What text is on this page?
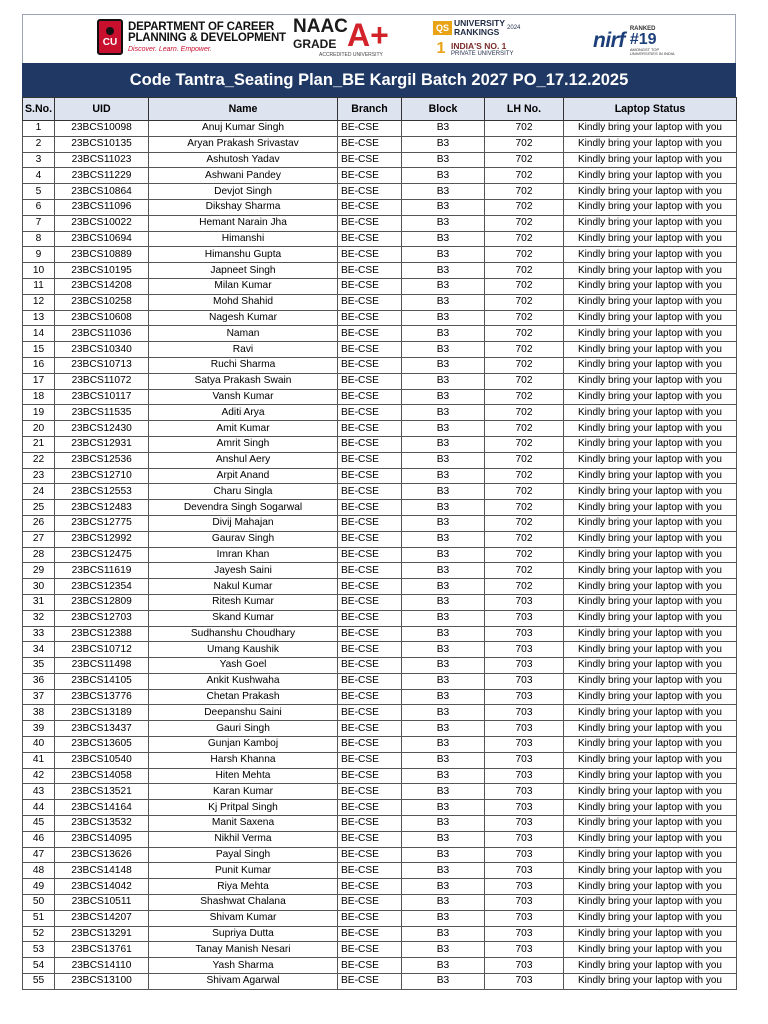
CU
DEPARTMENT OF CAREER
PLANNING & DEVELOPMENT
Discover. Learn. Empower.
NAAC
GRADE A+
ACCREDITED UNIVERSITY
QS UNIVERSITY
RANKINGS	2024
1 INDIA'S NO. 1
PRIVATE UNIVERSITY
nirf RANKED
#19
AMONGST TOP
UNIVERSITIES IN INDIA
Code Tantra_Seating Plan_BE Kargil Batch 2027 PO_17.12.2025
S.No.	UID	Name	Branch	Block	LH No.	Laptop Status
1	23BCS10098	Anuj Kumar Singh	BE-CSE	B3	702	Kindly bring your laptop with you
2	23BCS10135	Aryan Prakash Srivastav	BE-CSE	B3	702	Kindly bring your laptop with you
3	23BCS11023	Ashutosh Yadav	BE-CSE	B3	702	Kindly bring your laptop with you
4	23BCS11229	Ashwani Pandey	BE-CSE	B3	702	Kindly bring your laptop with you
5	23BCS10864	Devjot Singh	BE-CSE	B3	702	Kindly bring your laptop with you
6	23BCS11096	Dikshay Sharma	BE-CSE	B3	702	Kindly bring your laptop with you
7	23BCS10022	Hemant Narain Jha	BE-CSE	B3	702	Kindly bring your laptop with you
8	23BCS10694	Himanshi	BE-CSE	B3	702	Kindly bring your laptop with you
9	23BCS10889	Himanshu Gupta	BE-CSE	B3	702	Kindly bring your laptop with you
10	23BCS10195	Japneet Singh	BE-CSE	B3	702	Kindly bring your laptop with you
11	23BCS14208	Milan Kumar	BE-CSE	B3	702	Kindly bring your laptop with you
12	23BCS10258	Mohd Shahid	BE-CSE	B3	702	Kindly bring your laptop with you
13	23BCS10608	Nagesh Kumar	BE-CSE	B3	702	Kindly bring your laptop with you
14	23BCS11036	Naman	BE-CSE	B3	702	Kindly bring your laptop with you
15	23BCS10340	Ravi	BE-CSE	B3	702	Kindly bring your laptop with you
16	23BCS10713	Ruchi Sharma	BE-CSE	B3	702	Kindly bring your laptop with you
17	23BCS11072	Satya Prakash Swain	BE-CSE	B3	702	Kindly bring your laptop with you
18	23BCS10117	Vansh Kumar	BE-CSE	B3	702	Kindly bring your laptop with you
19	23BCS11535	Aditi Arya	BE-CSE	B3	702	Kindly bring your laptop with you
20	23BCS12430	Amit Kumar	BE-CSE	B3	702	Kindly bring your laptop with you
21	23BCS12931	Amrit Singh	BE-CSE	B3	702	Kindly bring your laptop with you
22	23BCS12536	Anshul Aery	BE-CSE	B3	702	Kindly bring your laptop with you
23	23BCS12710	Arpit Anand	BE-CSE	B3	702	Kindly bring your laptop with you
24	23BCS12553	Charu Singla	BE-CSE	B3	702	Kindly bring your laptop with you
25	23BCS12483	Devendra Singh Sogarwal	BE-CSE	B3	702	Kindly bring your laptop with you
26	23BCS12775	Divij Mahajan	BE-CSE	B3	702	Kindly bring your laptop with you
27	23BCS12992	Gaurav Singh	BE-CSE	B3	702	Kindly bring your laptop with you
28	23BCS12475	Imran Khan	BE-CSE	B3	702	Kindly bring your laptop with you
29	23BCS11619	Jayesh Saini	BE-CSE	B3	702	Kindly bring your laptop with you
30	23BCS12354	Nakul Kumar	BE-CSE	B3	702	Kindly bring your laptop with you
31	23BCS12809	Ritesh Kumar	BE-CSE	B3	703	Kindly bring your laptop with you
32	23BCS12703	Skand Kumar	BE-CSE	B3	703	Kindly bring your laptop with you
33	23BCS12388	Sudhanshu Choudhary	BE-CSE	B3	703	Kindly bring your laptop with you
34	23BCS10712	Umang Kaushik	BE-CSE	B3	703	Kindly bring your laptop with you
35	23BCS11498	Yash Goel	BE-CSE	B3	703	Kindly bring your laptop with you
36	23BCS14105	Ankit Kushwaha	BE-CSE	B3	703	Kindly bring your laptop with you
37	23BCS13776	Chetan Prakash	BE-CSE	B3	703	Kindly bring your laptop with you
38	23BCS13189	Deepanshu Saini	BE-CSE	B3	703	Kindly bring your laptop with you
39	23BCS13437	Gauri Singh	BE-CSE	B3	703	Kindly bring your laptop with you
40	23BCS13605	Gunjan Kamboj	BE-CSE	B3	703	Kindly bring your laptop with you
41	23BCS10540	Harsh Khanna	BE-CSE	B3	703	Kindly bring your laptop with you
42	23BCS14058	Hiten Mehta	BE-CSE	B3	703	Kindly bring your laptop with you
43	23BCS13521	Karan Kumar	BE-CSE	B3	703	Kindly bring your laptop with you
44	23BCS14164	Kj Pritpal Singh	BE-CSE	B3	703	Kindly bring your laptop with you
45	23BCS13532	Manit Saxena	BE-CSE	B3	703	Kindly bring your laptop with you
46	23BCS14095	Nikhil Verma	BE-CSE	B3	703	Kindly bring your laptop with you
47	23BCS13626	Payal Singh	BE-CSE	B3	703	Kindly bring your laptop with you
48	23BCS14148	Punit Kumar	BE-CSE	B3	703	Kindly bring your laptop with you
49	23BCS14042	Riya Mehta	BE-CSE	B3	703	Kindly bring your laptop with you
50	23BCS10511	Shashwat Chalana	BE-CSE	B3	703	Kindly bring your laptop with you
51	23BCS14207	Shivam Kumar	BE-CSE	B3	703	Kindly bring your laptop with you
52	23BCS13291	Supriya Dutta	BE-CSE	B3	703	Kindly bring your laptop with you
53	23BCS13761	Tanay Manish Nesari	BE-CSE	B3	703	Kindly bring your laptop with you
54	23BCS14110	Yash Sharma	BE-CSE	B3	703	Kindly bring your laptop with you
55	23BCS13100	Shivam Agarwal	BE-CSE	B3	703	Kindly bring your laptop with you
